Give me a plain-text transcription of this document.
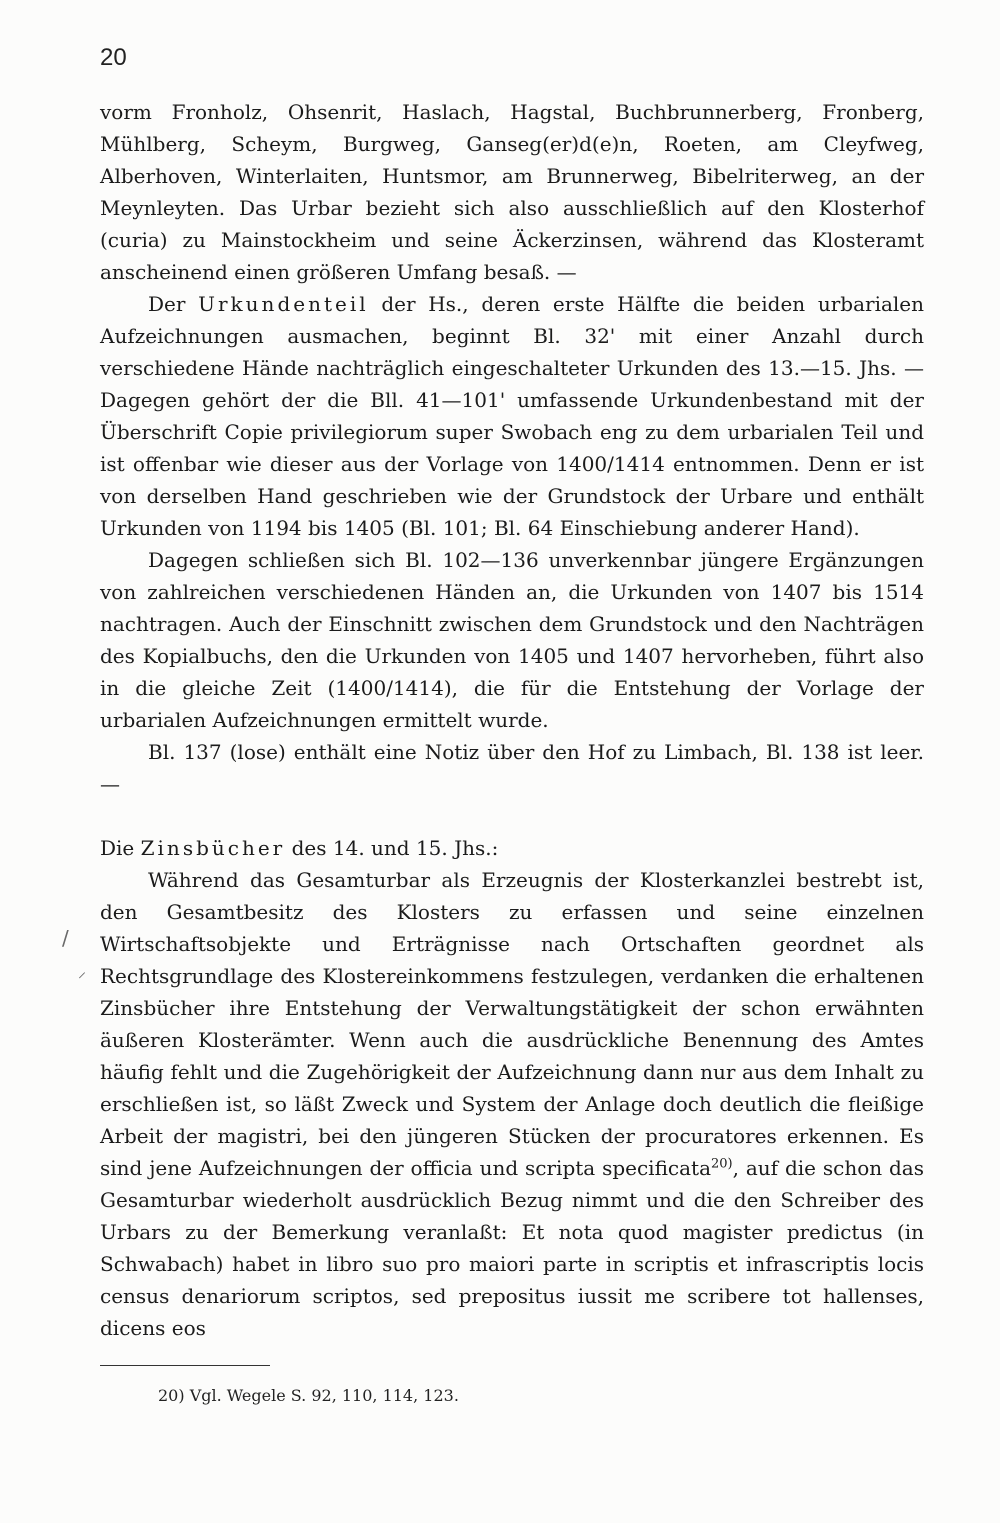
20
/
⸝

vorm Fronholz, Ohsenrit, Haslach, Hagstal, Buchbrunnerberg, Fronberg, Mühlberg, Scheym, Burgweg, Ganseg(er)d(e)n, Roeten, am Cleyfweg, Alberhoven, Winterlaiten, Huntsmor, am Brunnerweg, Bibelriterweg, an der Meynleyten. Das Urbar bezieht sich also ausschließlich auf den Klosterhof (curia) zu Mainstockheim und seine Äckerzinsen, während das Klosteramt anscheinend einen größeren Umfang besaß. —

Der Urkundenteil der Hs., deren erste Hälfte die beiden urbarialen Aufzeichnungen ausmachen, beginnt Bl. 32' mit einer Anzahl durch verschiedene Hände nachträglich eingeschalteter Urkunden des 13.—15. Jhs. — Dagegen gehört der die Bll. 41—101' umfassende Urkundenbestand mit der Überschrift Copie privilegiorum super Swobach eng zu dem urbarialen Teil und ist offenbar wie dieser aus der Vorlage von 1400/1414 entnommen. Denn er ist von derselben Hand geschrieben wie der Grundstock der Urbare und enthält Urkunden von 1194 bis 1405 (Bl. 101; Bl. 64 Einschiebung anderer Hand).

Dagegen schließen sich Bl. 102—136 unverkennbar jüngere Ergänzungen von zahlreichen verschiedenen Händen an, die Urkunden von 1407 bis 1514 nachtragen. Auch der Einschnitt zwischen dem Grundstock und den Nachträgen des Kopialbuchs, den die Urkunden von 1405 und 1407 hervorheben, führt also in die gleiche Zeit (1400/1414), die für die Entstehung der Vorlage der urbarialen Aufzeichnungen ermittelt wurde.

Bl. 137 (lose) enthält eine Notiz über den Hof zu Limbach, Bl. 138 ist leer. —

Die Zinsbücher des 14. und 15. Jhs.:

Während das Gesamturbar als Erzeugnis der Klosterkanzlei bestrebt ist, den Gesamtbesitz des Klosters zu erfassen und seine einzelnen Wirtschaftsobjekte und Erträgnisse nach Ortschaften geordnet als Rechtsgrundlage des Klostereinkommens festzulegen, verdanken die erhaltenen Zinsbücher ihre Entstehung der Verwaltungstätigkeit der schon erwähnten äußeren Klosterämter. Wenn auch die ausdrückliche Benennung des Amtes häufig fehlt und die Zugehörigkeit der Aufzeichnung dann nur aus dem Inhalt zu erschließen ist, so läßt Zweck und System der Anlage doch deutlich die fleißige Arbeit der magistri, bei den jüngeren Stücken der procuratores erkennen. Es sind jene Aufzeichnungen der officia und scripta specificata$^{20)}$, auf die schon das Gesamturbar wiederholt ausdrücklich Bezug nimmt und die den Schreiber des Urbars zu der Bemerkung veranlaßt: Et nota quod magister predictus (in Schwabach) habet in libro suo pro maiori parte in scriptis et infrascriptis locis census denariorum scriptos, sed prepositus iussit me scribere tot hallenses, dicens eos

20) Vgl. Wegele S. 92, 110, 114, 123.
